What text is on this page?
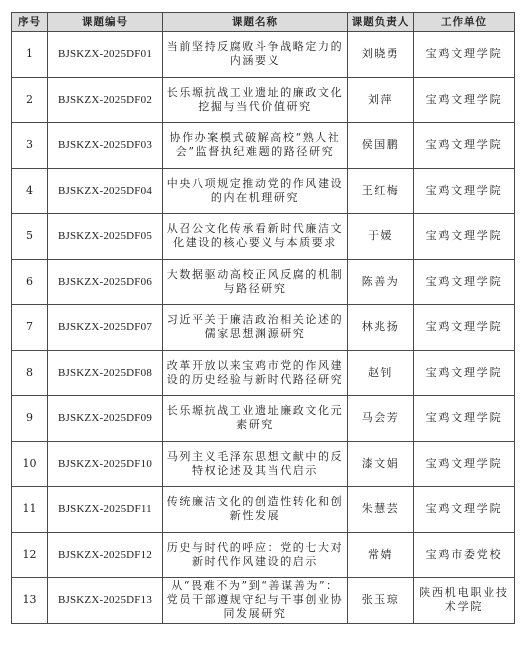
序号	课题编号	课题名称	课题负责人	工作单位
1	BJSKZX-2025DF01	当前坚持反腐败斗争战略定力的内涵要义	刘晓勇	宝鸡文理学院
2	BJSKZX-2025DF02	长乐塬抗战工业遗址的廉政文化挖掘与当代价值研究	刘萍	宝鸡文理学院
3	BJSKZX-2025DF03	协作办案模式破解高校“熟人社会”监督执纪难题的路径研究	侯国鹏	宝鸡文理学院
4	BJSKZX-2025DF04	中央八项规定推动党的作风建设的内在机理研究	王红梅	宝鸡文理学院
5	BJSKZX-2025DF05	从召公文化传承看新时代廉洁文化建设的核心要义与本质要求	于媛	宝鸡文理学院
6	BJSKZX-2025DF06	大数据驱动高校正风反腐的机制与路径研究	陈善为	宝鸡文理学院
7	BJSKZX-2025DF07	习近平关于廉洁政治相关论述的儒家思想渊源研究	林兆扬	宝鸡文理学院
8	BJSKZX-2025DF08	改革开放以来宝鸡市党的作风建设的历史经验与新时代路径研究	赵钊	宝鸡文理学院
9	BJSKZX-2025DF09	长乐塬抗战工业遗址廉政文化元素研究	马会芳	宝鸡文理学院
10	BJSKZX-2025DF10	马列主义毛泽东思想文献中的反特权论述及其当代启示	漆文娟	宝鸡文理学院
11	BJSKZX-2025DF11	传统廉洁文化的创造性转化和创新性发展	朱慧芸	宝鸡文理学院
12	BJSKZX-2025DF12	历史与时代的呼应：党的七大对新时代作风建设的启示	常婧	宝鸡市委党校
13	BJSKZX-2025DF13	从“畏难不为”到“善谋善为”：党员干部遵规守纪与干事创业协同发展研究	张玉琼	陕西机电职业技术学院
